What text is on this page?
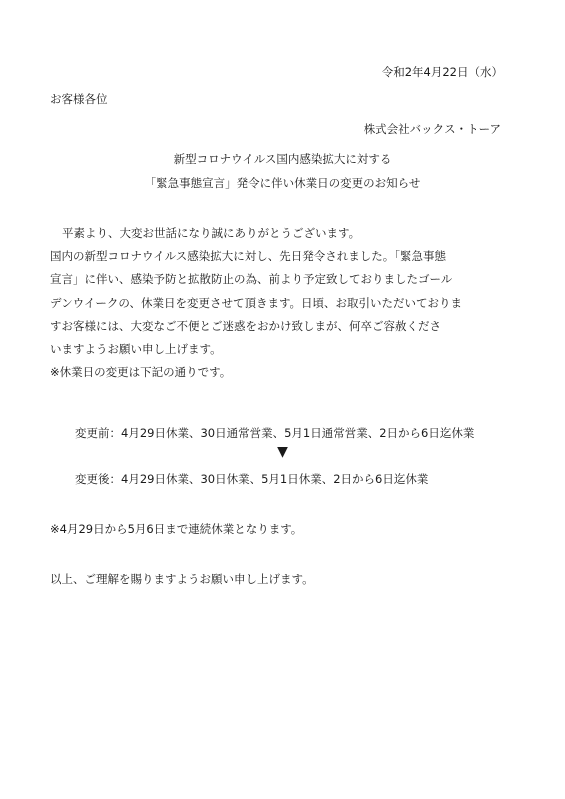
令和2年4月22日（水）
お客様各位
株式会社バックス・トーア
新型コロナウイルス国内感染拡大に対する
「緊急事態宣言」発令に伴い休業日の変更のお知らせ
平素より、大変お世話になり誠にありがとうございます。
国内の新型コロナウイルス感染拡大に対し、先日発令されました。「緊急事態
宣言」に伴い、感染予防と拡散防止の為、前より予定致しておりましたゴール
デンウイークの、休業日を変更させて頂きます。日頃、お取引いただいておりま
すお客様には、大変なご不便とご迷惑をおかけ致しまが、何卒ご容赦くださ
いますようお願い申し上げます。
※休業日の変更は下記の通りです。
変更前：4月29日休業、30日通常営業、5月1日通常営業、2日から6日迄休業
▼
変更後：4月29日休業、30日休業、5月1日休業、2日から6日迄休業
※4月29日から5月6日まで連続休業となります。
以上、ご理解を賜りますようお願い申し上げます。
